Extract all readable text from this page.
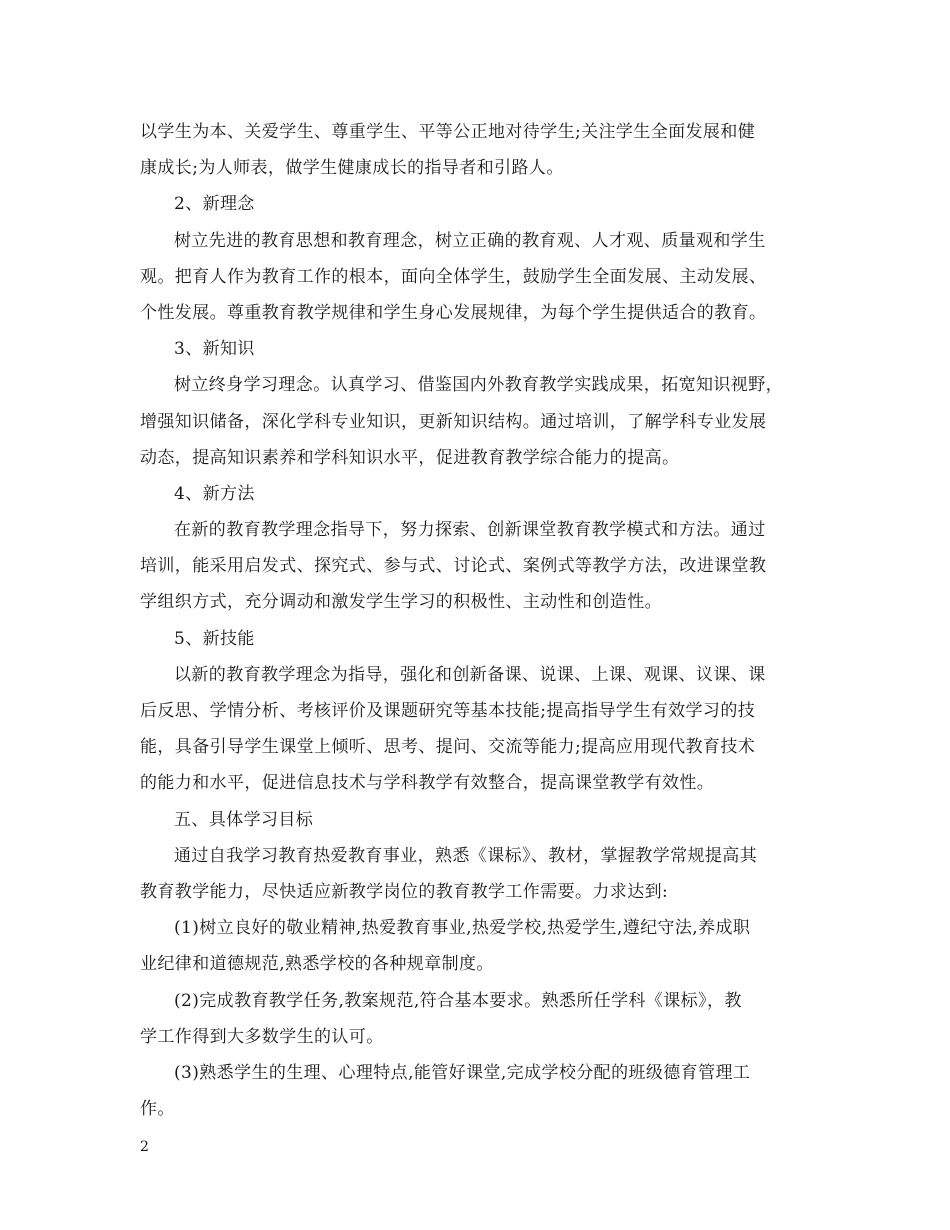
以学生为本、关爱学生、尊重学生、平等公正地对待学生;关注学生全面发展和健
康成长;为人师表，做学生健康成长的指导者和引路人。
2、新理念
树立先进的教育思想和教育理念，树立正确的教育观、人才观、质量观和学生
观。把育人作为教育工作的根本，面向全体学生，鼓励学生全面发展、主动发展、
个性发展。尊重教育教学规律和学生身心发展规律，为每个学生提供适合的教育。
3、新知识
树立终身学习理念。认真学习、借鉴国内外教育教学实践成果，拓宽知识视野，
增强知识储备，深化学科专业知识，更新知识结构。通过培训，了解学科专业发展
动态，提高知识素养和学科知识水平，促进教育教学综合能力的提高。
4、新方法
在新的教育教学理念指导下，努力探索、创新课堂教育教学模式和方法。通过
培训，能采用启发式、探究式、参与式、讨论式、案例式等教学方法，改进课堂教
学组织方式，充分调动和激发学生学习的积极性、主动性和创造性。
5、新技能
以新的教育教学理念为指导，强化和创新备课、说课、上课、观课、议课、课
后反思、学情分析、考核评价及课题研究等基本技能;提高指导学生有效学习的技
能，具备引导学生课堂上倾听、思考、提问、交流等能力;提高应用现代教育技术
的能力和水平，促进信息技术与学科教学有效整合，提高课堂教学有效性。
五、具体学习目标
通过自我学习教育热爱教育事业，熟悉《课标》、教材，掌握教学常规提高其
教育教学能力，尽快适应新教学岗位的教育教学工作需要。力求达到:
(1)树立良好的敬业精神,热爱教育事业,热爱学校,热爱学生,遵纪守法,养成职
业纪律和道德规范,熟悉学校的各种规章制度。
(2)完成教育教学任务,教案规范,符合基本要求。熟悉所任学科《课标》，教
学工作得到大多数学生的认可。
(3)熟悉学生的生理、心理特点,能管好课堂,完成学校分配的班级德育管理工
作。
2
